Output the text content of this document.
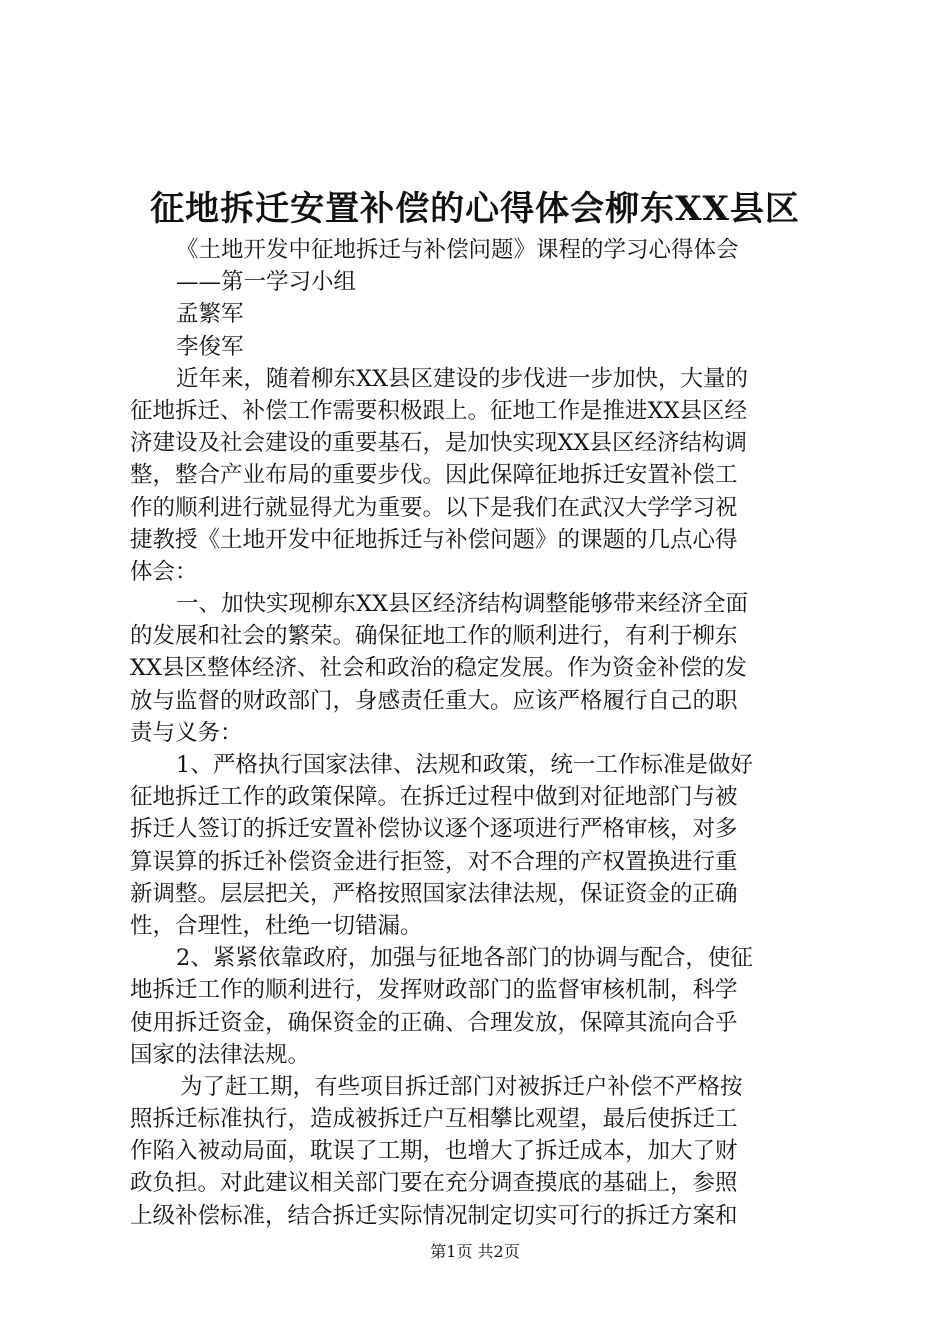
征地拆迁安置补偿的心得体会柳东XX县区
《土地开发中征地拆迁与补偿问题》课程的学习心得体会
——第一学习小组
孟繁军
李俊军
近年来，随着柳东XX县区建设的步伐进一步加快，大量的
征地拆迁、补偿工作需要积极跟上。征地工作是推进XX县区经
济建设及社会建设的重要基石，是加快实现XX县区经济结构调
整，整合产业布局的重要步伐。因此保障征地拆迁安置补偿工
作的顺利进行就显得尤为重要。以下是我们在武汉大学学习祝
捷教授《土地开发中征地拆迁与补偿问题》的课题的几点心得
体会：
一、加快实现柳东XX县区经济结构调整能够带来经济全面
的发展和社会的繁荣。确保征地工作的顺利进行，有利于柳东
XX县区整体经济、社会和政治的稳定发展。作为资金补偿的发
放与监督的财政部门，身感责任重大。应该严格履行自己的职
责与义务：
1、严格执行国家法律、法规和政策，统一工作标准是做好
征地拆迁工作的政策保障。在拆迁过程中做到对征地部门与被
拆迁人签订的拆迁安置补偿协议逐个逐项进行严格审核，对多
算误算的拆迁补偿资金进行拒签，对不合理的产权置换进行重
新调整。层层把关，严格按照国家法律法规，保证资金的正确
性，合理性，杜绝一切错漏。
2、紧紧依靠政府，加强与征地各部门的协调与配合，使征
地拆迁工作的顺利进行，发挥财政部门的监督审核机制，科学
使用拆迁资金，确保资金的正确、合理发放，保障其流向合乎
国家的法律法规。
为了赶工期，有些项目拆迁部门对被拆迁户补偿不严格按
照拆迁标准执行，造成被拆迁户互相攀比观望，最后使拆迁工
作陷入被动局面，耽误了工期，也增大了拆迁成本，加大了财
政负担。对此建议相关部门要在充分调查摸底的基础上，参照
上级补偿标准，结合拆迁实际情况制定切实可行的拆迁方案和
第1页 共2页
